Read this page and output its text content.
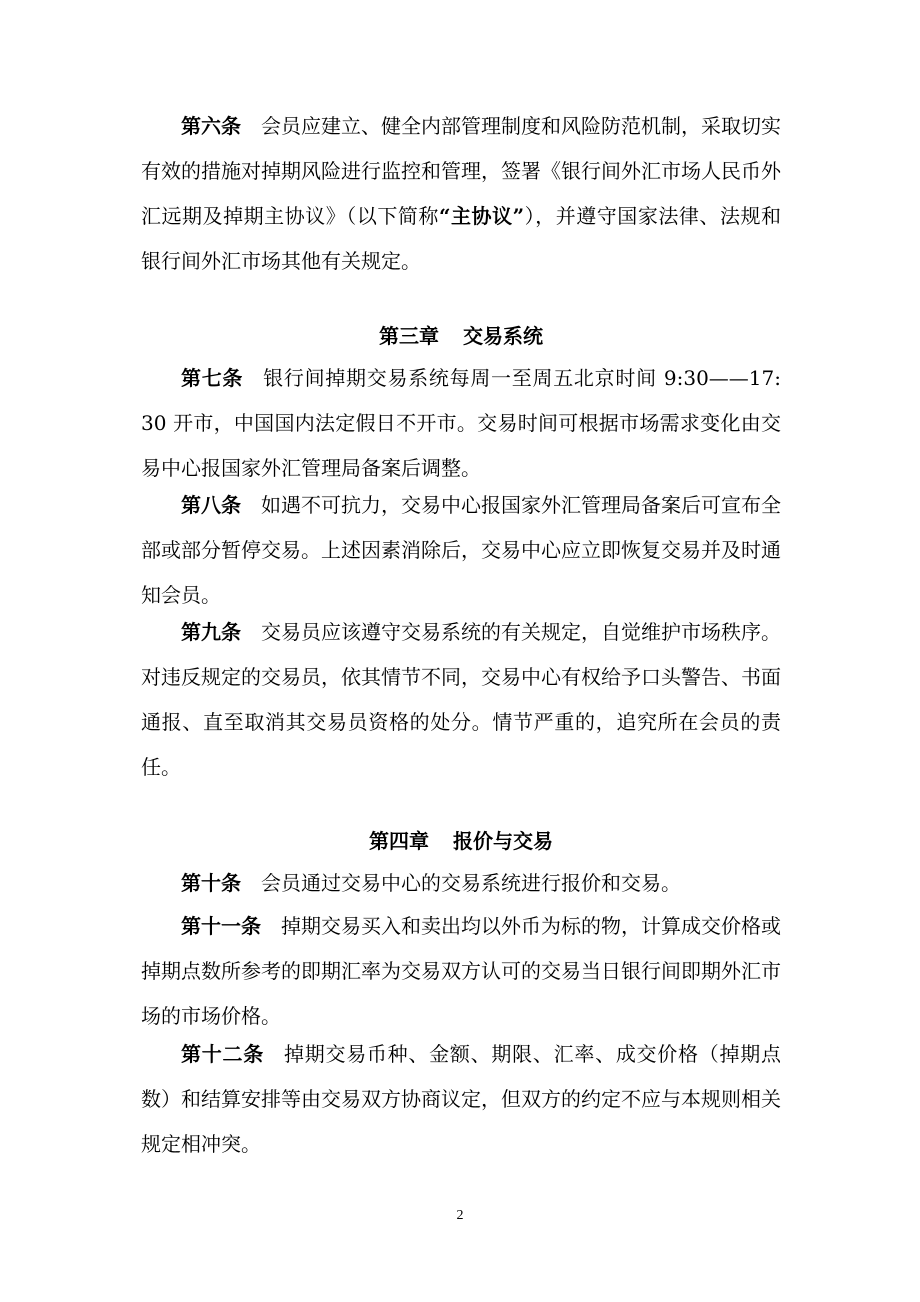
第六条 会员应建立、健全内部管理制度和风险防范机制，采取切实有效的措施对掉期风险进行监控和管理，签署《银行间外汇市场人民币外汇远期及掉期主协议》（以下简称“主协议”），并遵守国家法律、法规和银行间外汇市场其他有关规定。

第三章 交易系统

第七条 银行间掉期交易系统每周一至周五北京时间 9:30——17: 30 开市，中国国内法定假日不开市。交易时间可根据市场需求变化由交易中心报国家外汇管理局备案后调整。

第八条 如遇不可抗力，交易中心报国家外汇管理局备案后可宣布全部或部分暂停交易。上述因素消除后，交易中心应立即恢复交易并及时通知会员。

第九条 交易员应该遵守交易系统的有关规定，自觉维护市场秩序。对违反规定的交易员，依其情节不同，交易中心有权给予口头警告、书面通报、直至取消其交易员资格的处分。情节严重的，追究所在会员的责任。

第四章 报价与交易

第十条 会员通过交易中心的交易系统进行报价和交易。

第十一条 掉期交易买入和卖出均以外币为标的物，计算成交价格或掉期点数所参考的即期汇率为交易双方认可的交易当日银行间即期外汇市场的市场价格。

第十二条 掉期交易币种、金额、期限、汇率、成交价格（掉期点数）和结算安排等由交易双方协商议定，但双方的约定不应与本规则相关规定相冲突。

2
